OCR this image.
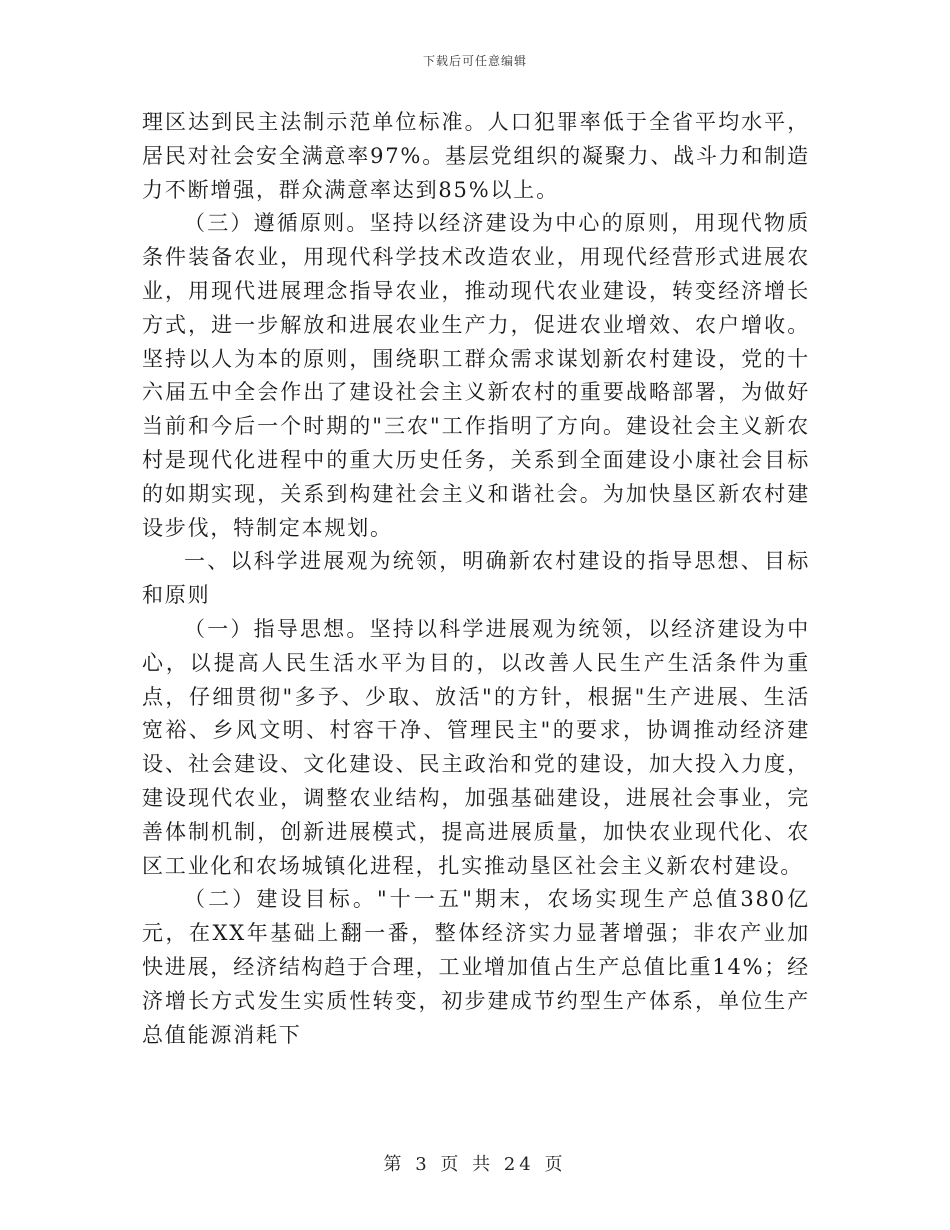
下载后可任意编辑

理区达到民主法制示范单位标准。人口犯罪率低于全省平均水平，居民对社会安全满意率97%。基层党组织的凝聚力、战斗力和制造力不断增强，群众满意率达到85%以上。

（三）遵循原则。坚持以经济建设为中心的原则，用现代物质条件装备农业，用现代科学技术改造农业，用现代经营形式进展农业，用现代进展理念指导农业，推动现代农业建设，转变经济增长方式，进一步解放和进展农业生产力，促进农业增效、农户增收。坚持以人为本的原则，围绕职工群众需求谋划新农村建设，党的十六届五中全会作出了建设社会主义新农村的重要战略部署，为做好当前和今后一个时期的"三农"工作指明了方向。建设社会主义新农村是现代化进程中的重大历史任务，关系到全面建设小康社会目标的如期实现，关系到构建社会主义和谐社会。为加快垦区新农村建设步伐，特制定本规划。

一、以科学进展观为统领，明确新农村建设的指导思想、目标和原则

（一）指导思想。坚持以科学进展观为统领，以经济建设为中心，以提高人民生活水平为目的，以改善人民生产生活条件为重点，仔细贯彻"多予、少取、放活"的方针，根据"生产进展、生活宽裕、乡风文明、村容干净、管理民主"的要求，协调推动经济建设、社会建设、文化建设、民主政治和党的建设，加大投入力度，建设现代农业，调整农业结构，加强基础建设，进展社会事业，完善体制机制，创新进展模式，提高进展质量，加快农业现代化、农区工业化和农场城镇化进程，扎实推动垦区社会主义新农村建设。

（二）建设目标。"十一五"期末，农场实现生产总值380亿元，在XX年基础上翻一番，整体经济实力显著增强；非农产业加快进展，经济结构趋于合理，工业增加值占生产总值比重14%；经济增长方式发生实质性转变，初步建成节约型生产体系，单位生产总值能源消耗下

第 3 页 共 24 页
